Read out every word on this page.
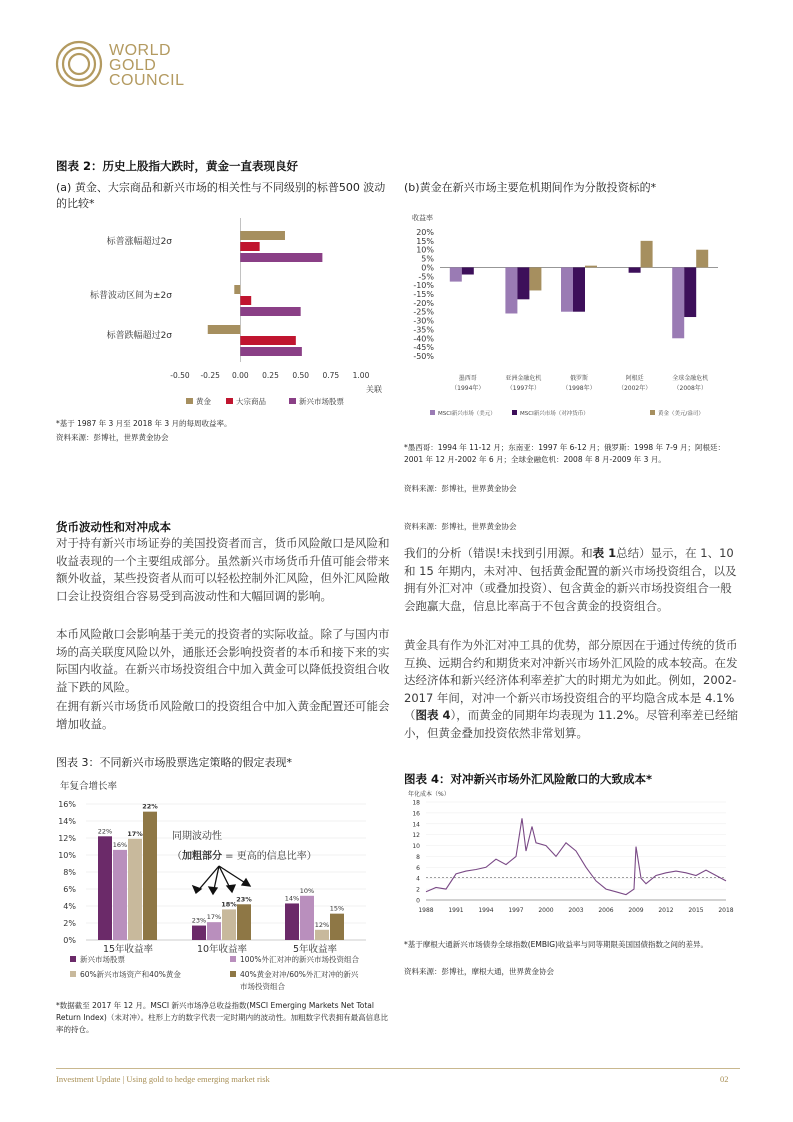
WORLD
GOLD
COUNCIL
图表 2：历史上股指大跌时，黄金一直表现良好
(a) 黄金、大宗商品和新兴市场的相关性与不同级别的标普500 波动的比较*
-0.50 -0.25 0.00 0.25 0.50 0.75 1.00
标普涨幅超过2σ
标普波动区间为±2σ
标普跌幅超过2σ
关联
黄金	大宗商品	新兴市场股票
*基于 1987 年 3 月至 2018 年 3 月的每周收益率。
资料来源：彭博社，世界黄金协会
(b)黄金在新兴市场主要危机期间作为分散投资标的*
收益率
20%
15%
10%
5%
0%
-5%
-10%
-15%
-20%
-25%
-30%
-35%
-40%
-45%
-50%
墨西哥
（1994年）
亚洲金融危机
（1997年）
俄罗斯
（1998年）
阿根廷
（2002年）
全球金融危机
（2008年）
MSCI新兴市场（美元）	MSCI新兴市场（对冲货币）	黄金（美元/盎司）
*墨西哥：1994 年 11-12 月；东南亚：1997 年 6-12 月；俄罗斯：1998 年 7-9 月；阿根廷：2001 年 12 月-2002 年 6 月；全球金融危机：2008 年 8 月-2009 年 3 月。
资料来源：彭博社，世界黄金协会
货币波动性和对冲成本
对于持有新兴市场证券的美国投资者而言，货币风险敞口是风险和收益表现的一个主要组成部分。虽然新兴市场货币升值可能会带来额外收益，某些投资者从而可以轻松控制外汇风险，但外汇风险敞口会让投资组合容易受到高波动性和大幅回调的影响。
本币风险敞口会影响基于美元的投资者的实际收益。除了与国内市场的高关联度风险以外，通胀还会影响投资者的本币和接下来的实际国内收益。在新兴市场投资组合中加入黄金可以降低投资组合收益下跌的风险。
在拥有新兴市场货币风险敞口的投资组合中加入黄金配置还可能会增加收益。
资料来源：彭博社，世界黄金协会
我们的分析（错误!未找到引用源。和表 1总结）显示，在 1、10 和 15 年期内，未对冲、包括黄金配置的新兴市场投资组合，以及拥有外汇对冲（或叠加投资）、包含黄金的新兴市场投资组合一般会跑赢大盘，信息比率高于不包含黄金的投资组合。
黄金具有作为外汇对冲工具的优势，部分原因在于通过传统的货币互换、远期合约和期货来对冲新兴市场外汇风险的成本较高。在发达经济体和新兴经济体利率差扩大的时期尤为如此。例如，2002-2017 年间，对冲一个新兴市场投资组合的平均隐含成本是 4.1%（图表 4），而黄金的同期年均表现为 11.2%。尽管利率差已经缩小，但黄金叠加投资依然非常划算。
图表 3：不同新兴市场股票选定策略的假定表现*
年复合增长率
16%
14%
12%
10%
8%
6%
4%
2%
0%
22%
16%
17%
22%
23% 17%
18%
23%	14%
10%
12%
15%
15年收益率	10年收益率	5年收益率
同期波动性
（加粗部分 = 更高的信息比率）
新兴市场股票	100%外汇对冲的新兴市场投资组合
60%新兴市场资产和40%黄金	40%黄金对冲/60%外汇对冲的新兴
市场投资组合
*数据截至 2017 年 12 月。MSCI 新兴市场净总收益指数(MSCI Emerging Markets Net Total Return Index)（未对冲）。柱形上方的数字代表一定时期内的波动性。加粗数字代表拥有最高信息比率的持仓。
图表 4：对冲新兴市场外汇风险敞口的大致成本*
年化成本（%）
18
16
14
12
10
8
6
4
2
0
1988 1991 1994 1997 2000 2003 2006 2009 2012 2015 2018
*基于摩根大通新兴市场债券全球指数(EMBIG)收益率与同等期限美国国债指数之间的差异。
资料来源：彭博社，摩根大通，世界黄金协会
Investment Update | Using gold to hedge emerging market risk	02
